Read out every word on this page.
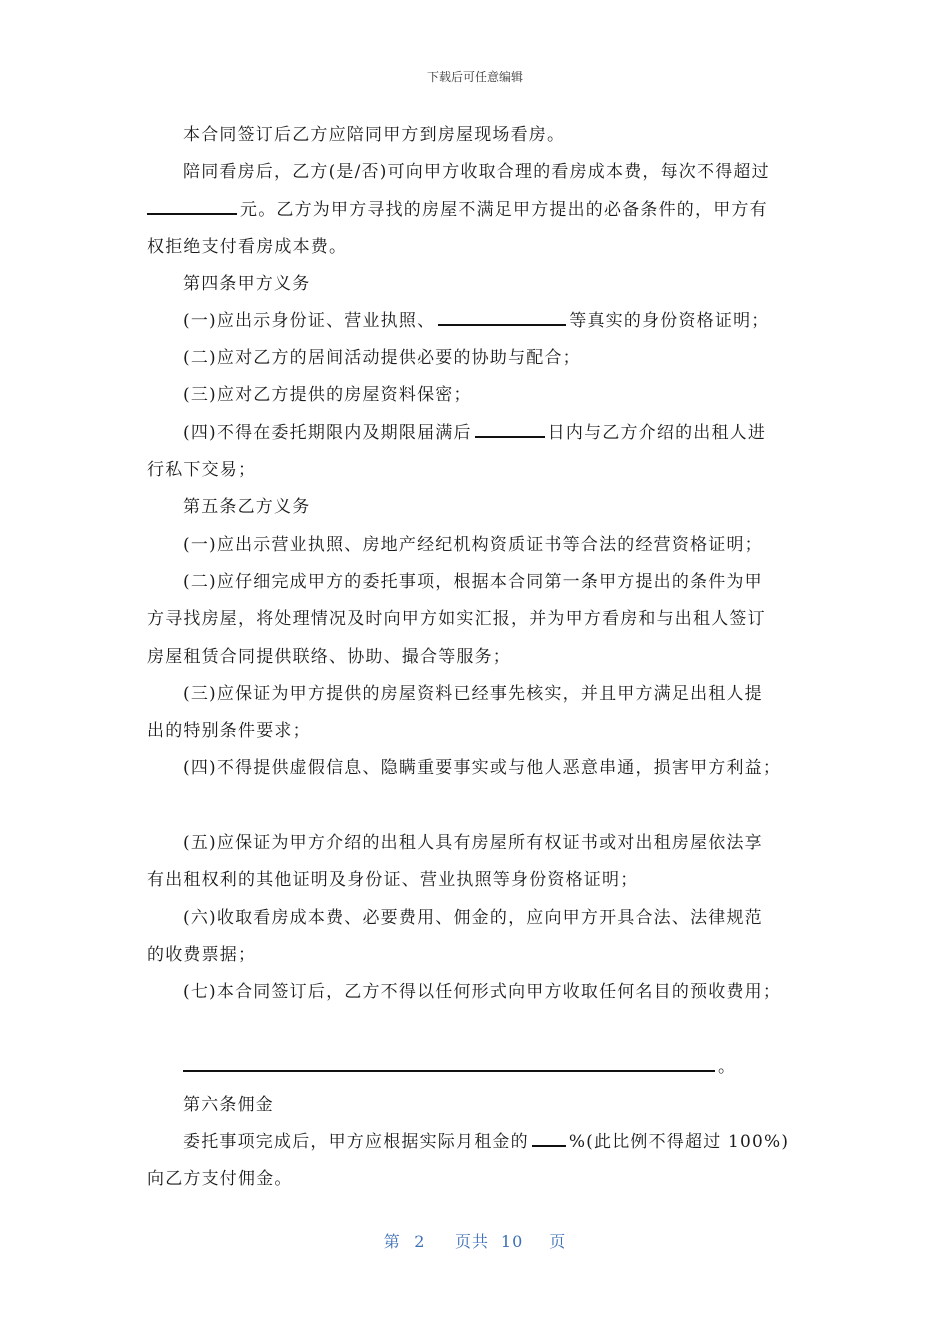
下载后可任意编辑
本合同签订后乙方应陪同甲方到房屋现场看房。
陪同看房后，乙方(是/否)可向甲方收取合理的看房成本费，每次不得超过
元。乙方为甲方寻找的房屋不满足甲方提出的必备条件的，甲方有
权拒绝支付看房成本费。
第四条甲方义务
(一)应出示身份证、营业执照、	等真实的身份资格证明；
(二)应对乙方的居间活动提供必要的协助与配合；
(三)应对乙方提供的房屋资料保密；
(四)不得在委托期限内及期限届满后	日内与乙方介绍的出租人进
行私下交易；
第五条乙方义务
(一)应出示营业执照、房地产经纪机构资质证书等合法的经营资格证明；
(二)应仔细完成甲方的委托事项，根据本合同第一条甲方提出的条件为甲
方寻找房屋，将处理情况及时向甲方如实汇报，并为甲方看房和与出租人签订
房屋租赁合同提供联络、协助、撮合等服务；
(三)应保证为甲方提供的房屋资料已经事先核实，并且甲方满足出租人提
出的特别条件要求；
(四)不得提供虚假信息、隐瞒重要事实或与他人恶意串通，损害甲方利益；
(五)应保证为甲方介绍的出租人具有房屋所有权证书或对出租房屋依法享
有出租权利的其他证明及身份证、营业执照等身份资格证明；
(六)收取看房成本费、必要费用、佣金的，应向甲方开具合法、法律规范
的收费票据；
(七)本合同签订后，乙方不得以任何形式向甲方收取任何名目的预收费用；
。
第六条佣金
委托事项完成后，甲方应根据实际月租金的 %(此比例不得超过 100%)
向乙方支付佣金。
第 2 页共 10 页
